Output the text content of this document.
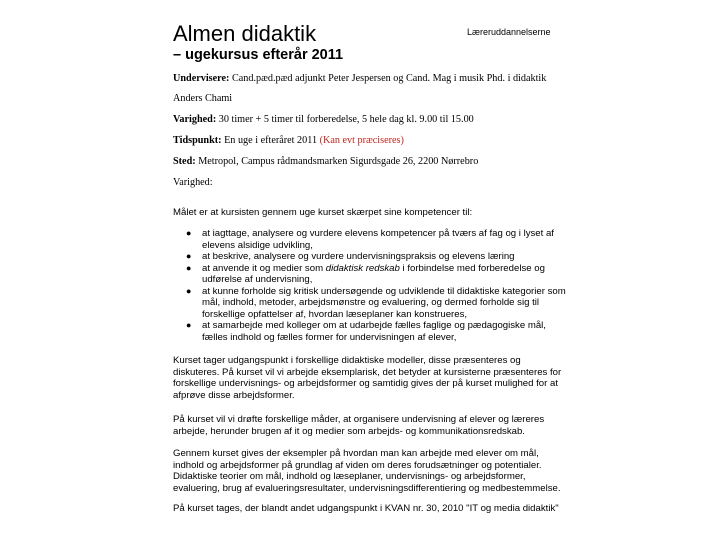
Almen didaktik
– ugekursus efterår 2011
Læreruddannelserne
Undervisere: Cand.pæd.pæd adjunkt Peter Jespersen og Cand. Mag i musik Phd. i didaktik
Anders Chami
Varighed: 30 timer + 5 timer til forberedelse, 5 hele dag kl. 9.00 til 15.00
Tidspunkt: En uge i efteråret 2011 (Kan evt præciseres)
Sted: Metropol, Campus rådmandsmarken Sigurdsgade 26, 2200 Nørrebro
Varighed:
Målet er at kursisten gennem uge kurset skærpet sine kompetencer til:
● at iagttage, analysere og vurdere elevens kompetencer på tværs af fag og i lyset af
elevens alsidige udvikling,
● at beskrive, analysere og vurdere undervisningspraksis og elevens læring
● at anvende it og medier som didaktisk redskab i forbindelse med forberedelse og
udførelse af undervisning,
● at kunne forholde sig kritisk undersøgende og udviklende til didaktiske kategorier som
mål, indhold, metoder, arbejdsmønstre og evaluering, og dermed forholde sig til
forskellige opfattelser af, hvordan læseplaner kan konstrueres,
● at samarbejde med kolleger om at udarbejde fælles faglige og pædagogiske mål,
fælles indhold og fælles former for undervisningen af elever,
Kurset tager udgangspunkt i forskellige didaktiske modeller, disse præsenteres og
diskuteres. På kurset vil vi arbejde eksemplarisk, det betyder at kursisterne præsenteres for
forskellige undervisnings- og arbejdsformer og samtidig gives der på kurset mulighed for at
afprøve disse arbejdsformer.
På kurset vil vi drøfte forskellige måder, at organisere undervisning af elever og læreres
arbejde, herunder brugen af it og medier som arbejds- og kommunikationsredskab.
Gennem kurset gives der eksempler på hvordan man kan arbejde med elever om mål,
indhold og arbejdsformer på grundlag af viden om deres forudsætninger og potentialer.
Didaktiske teorier om mål, indhold og læseplaner, undervisnings- og arbejdsformer,
evaluering, brug af evalueringsresultater, undervisningsdifferentiering og medbestemmelse.
På kurset tages, der blandt andet udgangspunkt i KVAN nr. 30, 2010 "IT og media didaktik"
